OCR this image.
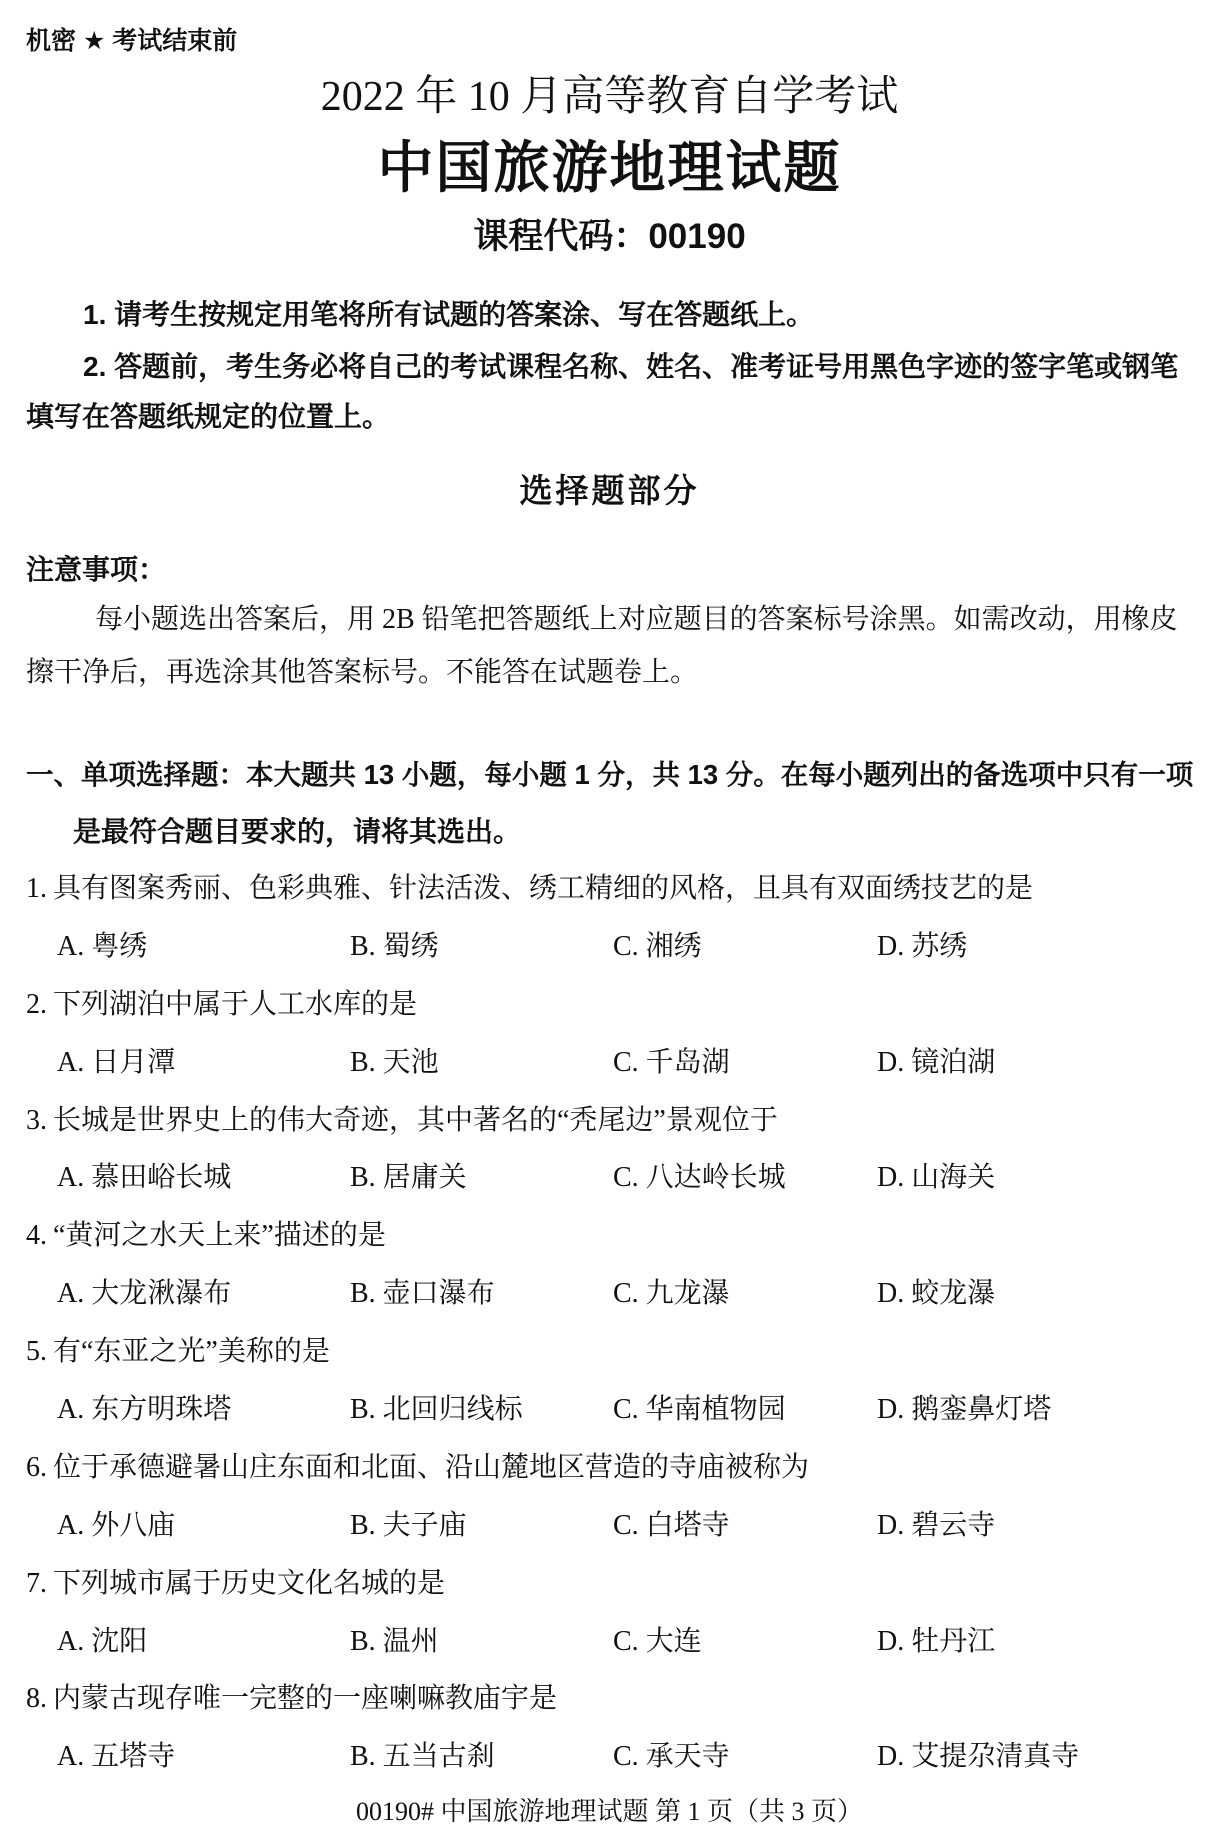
机密 ★ 考试结束前
2022 年 10 月高等教育自学考试
中国旅游地理试题
课程代码：00190
1. 请考生按规定用笔将所有试题的答案涂、写在答题纸上。
2. 答题前，考生务必将自己的考试课程名称、姓名、准考证号用黑色字迹的签字笔或钢笔
填写在答题纸规定的位置上。
选择题部分
注意事项：
每小题选出答案后，用 2B 铅笔把答题纸上对应题目的答案标号涂黑。如需改动，用橡皮
擦干净后，再选涂其他答案标号。不能答在试题卷上。
一、单项选择题：本大题共 13 小题，每小题 1 分，共 13 分。在每小题列出的备选项中只有一项
是最符合题目要求的，请将其选出。
1. 具有图案秀丽、色彩典雅、针法活泼、绣工精细的风格，且具有双面绣技艺的是
A. 粤绣	B. 蜀绣	C. 湘绣	D. 苏绣
2. 下列湖泊中属于人工水库的是
A. 日月潭	B. 天池	C. 千岛湖	D. 镜泊湖
3. 长城是世界史上的伟大奇迹，其中著名的“秃尾边”景观位于
A. 慕田峪长城	B. 居庸关	C. 八达岭长城	D. 山海关
4. “黄河之水天上来”描述的是
A. 大龙湫瀑布	B. 壶口瀑布	C. 九龙瀑	D. 蛟龙瀑
5. 有“东亚之光”美称的是
A. 东方明珠塔	B. 北回归线标	C. 华南植物园	D. 鹅銮鼻灯塔
6. 位于承德避暑山庄东面和北面、沿山麓地区营造的寺庙被称为
A. 外八庙	B. 夫子庙	C. 白塔寺	D. 碧云寺
7. 下列城市属于历史文化名城的是
A. 沈阳	B. 温州	C. 大连	D. 牡丹江
8. 内蒙古现存唯一完整的一座喇嘛教庙宇是
A. 五塔寺	B. 五当古刹	C. 承天寺	D. 艾提尕清真寺
00190# 中国旅游地理试题 第 1 页（共 3 页）
